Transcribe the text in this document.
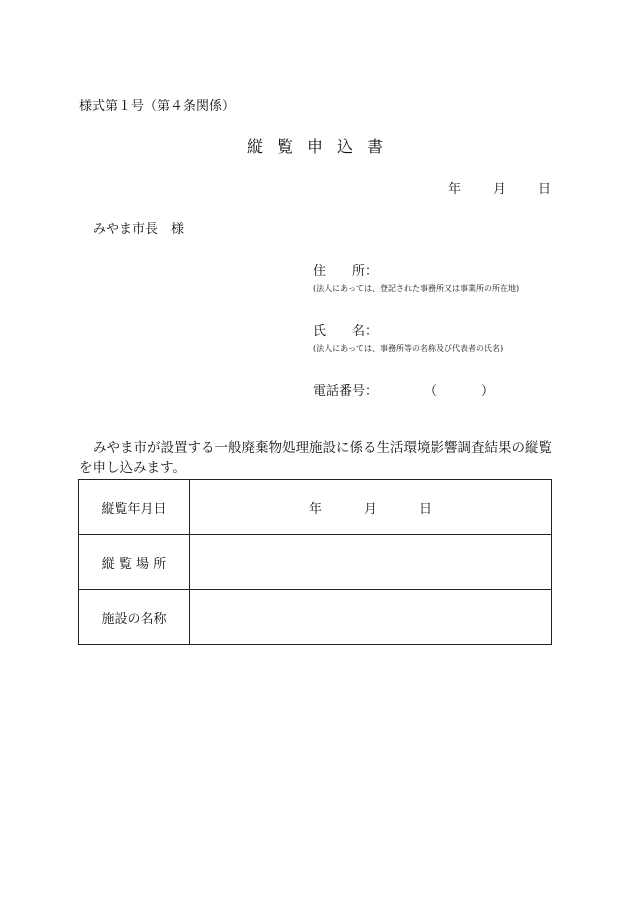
様式第１号（第４条関係）
縦覧申込書
年 月 日
みやま市長　様
住　　所：
(法人にあっては、登記された事務所又は事業所の所在地)
氏　　名：
(法人にあっては、事務所等の名称及び代表者の氏名)
電話番号：	（	）
みやま市が設置する一般廃棄物処理施設に係る生活環境影響調査結果の縦覧を申し込みます。
縦覧年月日	年 月 日
縦 覧 場 所	
施設の名称	
